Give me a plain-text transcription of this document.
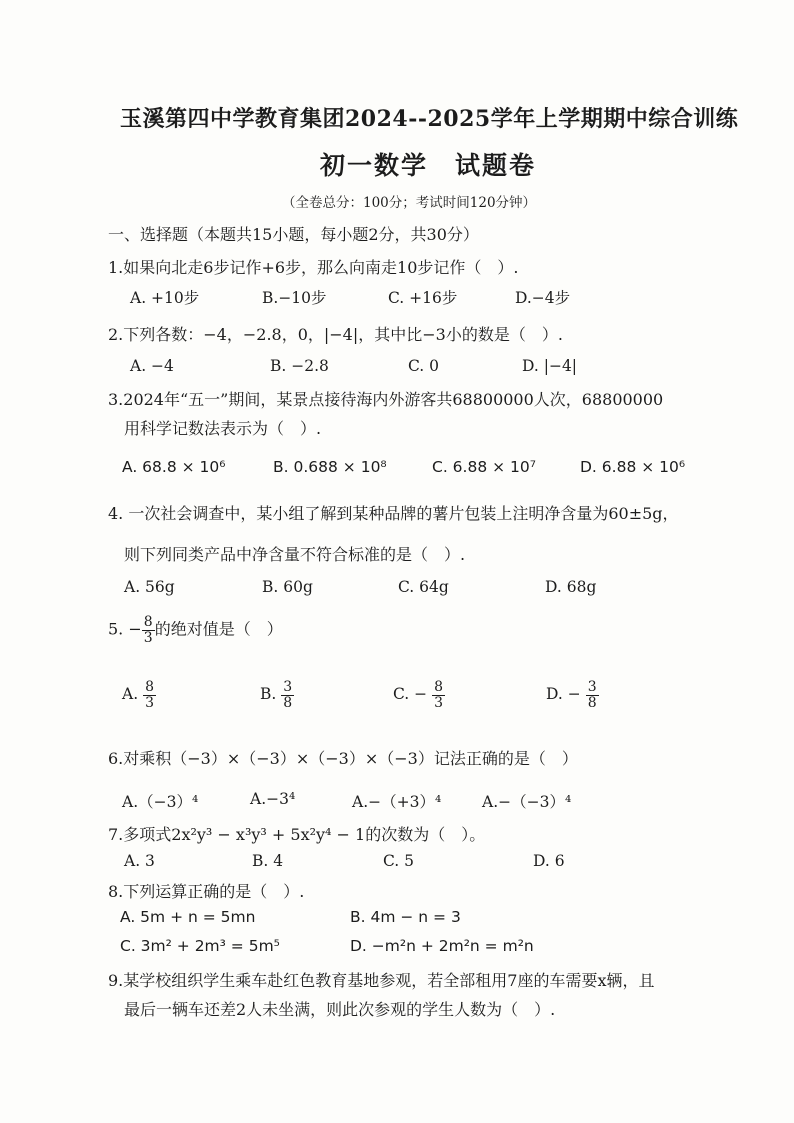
玉溪第四中学教育集团2024--2025学年上学期期中综合训练
初一数学　试题卷
（全卷总分：100分；考试时间120分钟）
一、选择题（本题共15小题，每小题2分，共30分）
1.如果向北走6步记作+6步，那么向南走10步记作（　）.
A. +10步	B.−10步	C. +16步	D.−4步
2.下列各数：−4，−2.8，0，|−4|，其中比−3小的数是（　）.
A. −4	B. −2.8	C. 0	D. |−4|
3.2024年“五一”期间，某景点接待海内外游客共68800000人次，68800000
用科学记数法表示为（　）.
A. 68.8 × 10⁶	B. 0.688 × 10⁸	C. 6.88 × 10⁷	D. 6.88 × 10⁶
4. 一次社会调查中，某小组了解到某种品牌的薯片包装上注明净含量为60±5g，
则下列同类产品中净含量不符合标准的是（　）.
A. 56g	B. 60g	C. 64g	D. 68g
5. − $\frac{8}{3}$ 的绝对值是（　）
A. $\frac{8}{3}$	B. $\frac{3}{8}$	C. − $\frac{8}{3}$	D. − $\frac{3}{8}$
6.对乘积（−3）×（−3）×（−3）×（−3）记法正确的是（　）
A.（−3）⁴	A.−3⁴	A.−（+3）⁴	A.−（−3）⁴
7.多项式2x²y³ − x³y³ + 5x²y⁴ − 1的次数为（　）。
A. 3	B. 4	C. 5	D. 6
8.下列运算正确的是（　）.
A. 5m + n = 5mn	B. 4m − n = 3
C. 3m² + 2m³ = 5m⁵	D. −m²n + 2m²n = m²n
9.某学校组织学生乘车赴红色教育基地参观，若全部租用7座的车需要x辆，且
最后一辆车还差2人未坐满，则此次参观的学生人数为（　）.
